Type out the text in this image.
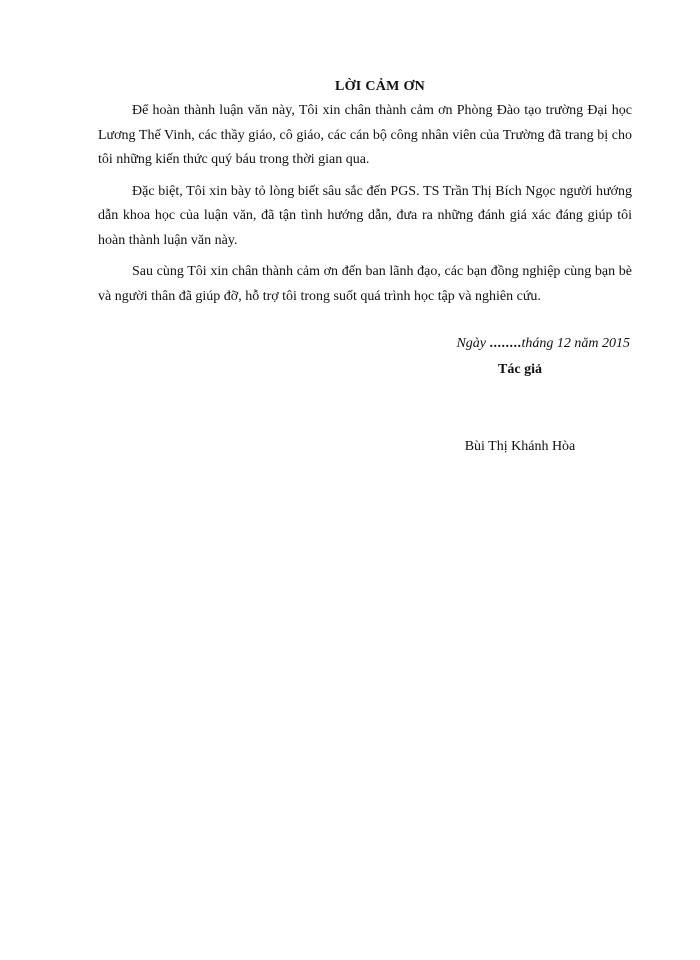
LỜI CẢM ƠN

Để hoàn thành luận văn này, Tôi xin chân thành cảm ơn Phòng Đào tạo trường Đại học Lương Thế Vinh, các thầy giáo, cô giáo, các cán bộ công nhân viên của Trường đã trang bị cho tôi những kiến thức quý báu trong thời gian qua.

Đặc biệt, Tôi xin bày tỏ lòng biết sâu sắc đến PGS. TS Trần Thị Bích Ngọc người hướng dẫn khoa học của luận văn, đã tận tình hướng dẫn, đưa ra những đánh giá xác đáng giúp tôi hoàn thành luận văn này.

Sau cùng Tôi xin chân thành cảm ơn đến ban lãnh đạo, các bạn đồng nghiệp cùng bạn bè và người thân đã giúp đỡ, hỗ trợ tôi trong suốt quá trình học tập và nghiên cứu.

Ngày ........tháng 12 năm 2015
Tác giả
Bùi Thị Khánh Hòa
